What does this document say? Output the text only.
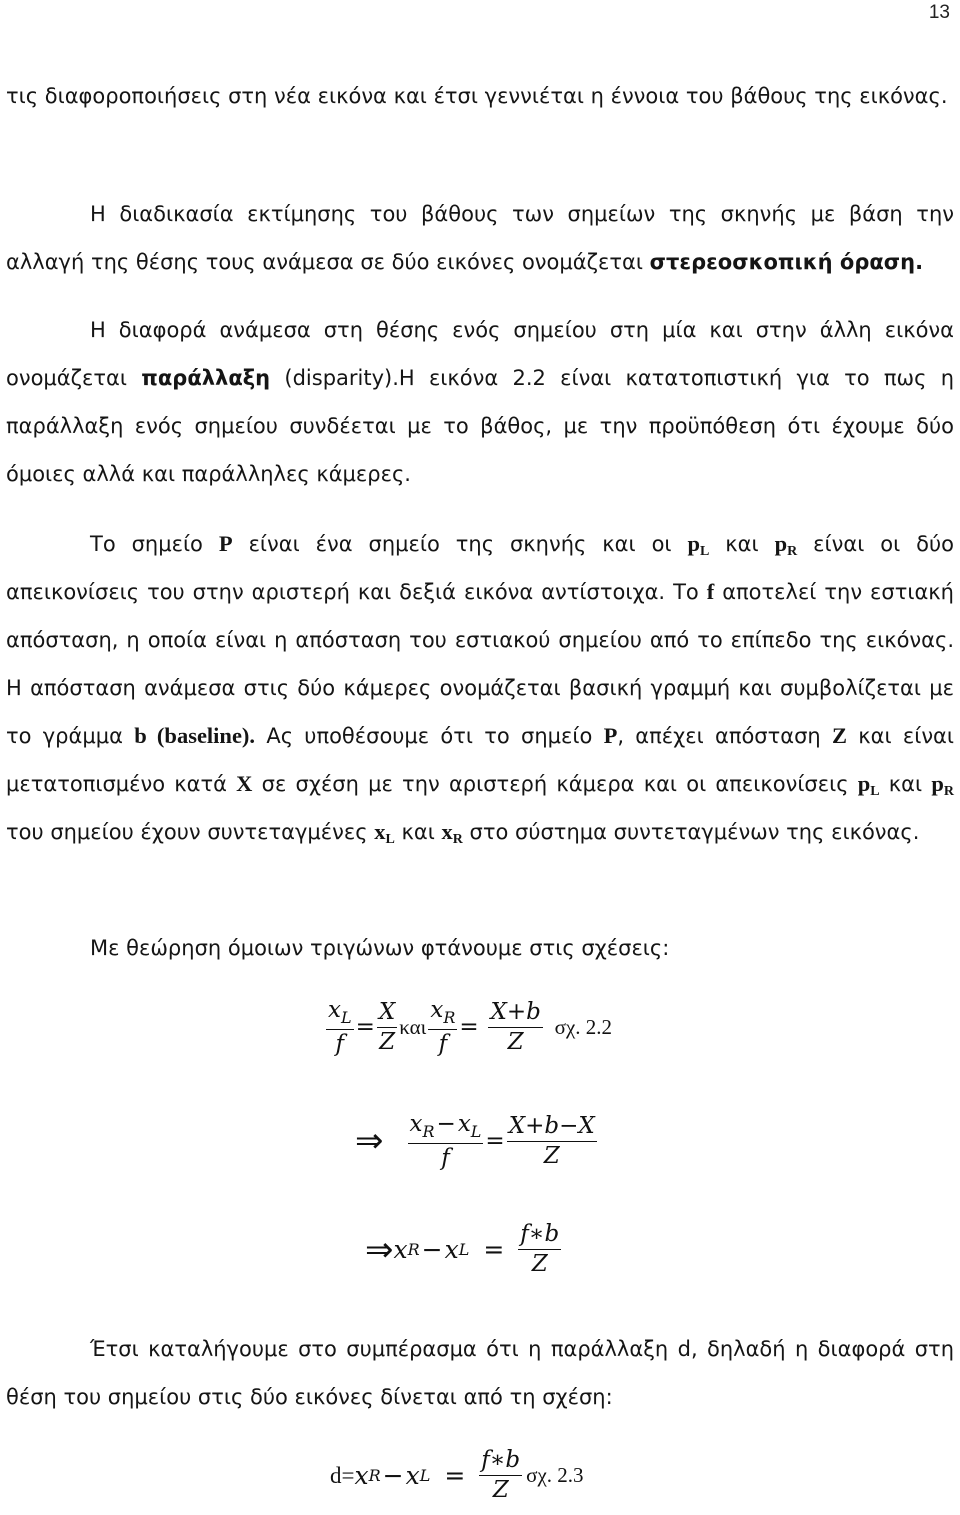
13

τις διαφοροποιήσεις στη νέα εικόνα και έτσι γεννιέται η έννοια του βάθους της εικόνας.

Η διαδικασία εκτίμησης του βάθους των σημείων της σκηνής με βάση την αλλαγή της θέσης τους ανάμεσα σε δύο εικόνες ονομάζεται στερεοσκοπική όραση.

Η διαφορά ανάμεσα στη θέσης ενός σημείου στη μία και στην άλλη εικόνα ονομάζεται παράλλαξη (disparity).Η εικόνα 2.2 είναι κατατοπιστική για το πως η παράλλαξη ενός σημείου συνδέεται με το βάθος, με την προϋπόθεση ότι έχουμε δύο όμοιες αλλά και παράλληλες κάμερες.

Το σημείο P είναι ένα σημείο της σκηνής και οι $p_L$ και $p_R$ είναι οι δύο απεικονίσεις του στην αριστερή και δεξιά εικόνα αντίστοιχα. Το f αποτελεί την εστιακή απόσταση, η οποία είναι η απόσταση του εστιακού σημείου από το επίπεδο της εικόνας. Η απόσταση ανάμεσα στις δύο κάμερες ονομάζεται βασική γραμμή και συμβολίζεται με το γράμμα b (baseline). Ας υποθέσουμε ότι το σημείο P, απέχει απόσταση Z και είναι μετατοπισμένο κατά X σε σχέση με την αριστερή κάμερα και οι απεικονίσεις $p_L$ και $p_R$ του σημείου έχουν συντεταγμένες $x_L$ και $x_R$ στο σύστημα συντεταγμένων της εικόνας.

Με θεώρηση όμοιων τριγώνων φτάνουμε στις σχέσεις:

$\frac{x_L}{f} = \frac{X}{Z}$ και $\frac{x_R}{f} = \frac{X+b}{Z} \sigma\chi$. 2.2
⇒ $\frac{x_R-x_L}{f} = \frac{X+b-X}{Z}$
⇒ x R − x $L = \frac{f∗b}{Z}$

Έτσι καταλήγουμε στο συμπέρασμα ότι η παράλλαξη d, δηλαδή η διαφορά στη θέση του σημείου στις δύο εικόνες δίνεται από τη σχέση:

d= x R − x $L = \frac{f∗b}{Z} \sigma\chi$. 2.3
